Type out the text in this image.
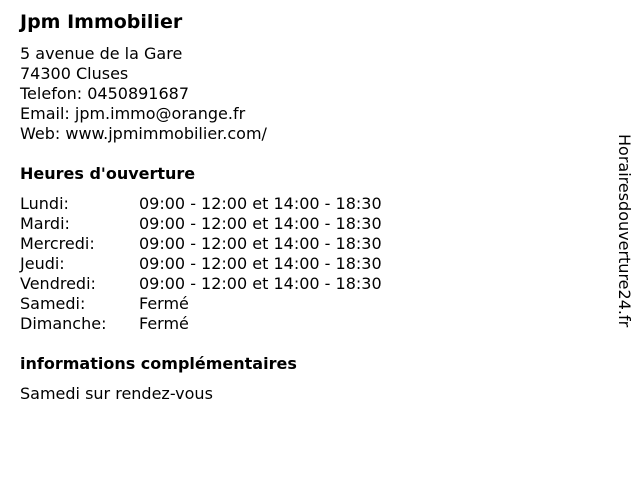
Jpm Immobilier
5 avenue de la Gare
74300 Cluses
Telefon: 0450891687
Email: jpm.immo@orange.fr
Web: www.jpmimmobilier.com/
Heures d'ouverture
Lundi:	09:00 - 12:00 et 14:00 - 18:30
Mardi:	09:00 - 12:00 et 14:00 - 18:30
Mercredi:	09:00 - 12:00 et 14:00 - 18:30
Jeudi:	09:00 - 12:00 et 14:00 - 18:30
Vendredi:	09:00 - 12:00 et 14:00 - 18:30
Samedi:	Fermé
Dimanche:	Fermé
informations complémentaires
Samedi sur rendez-vous
Horairesdouverture24.fr
